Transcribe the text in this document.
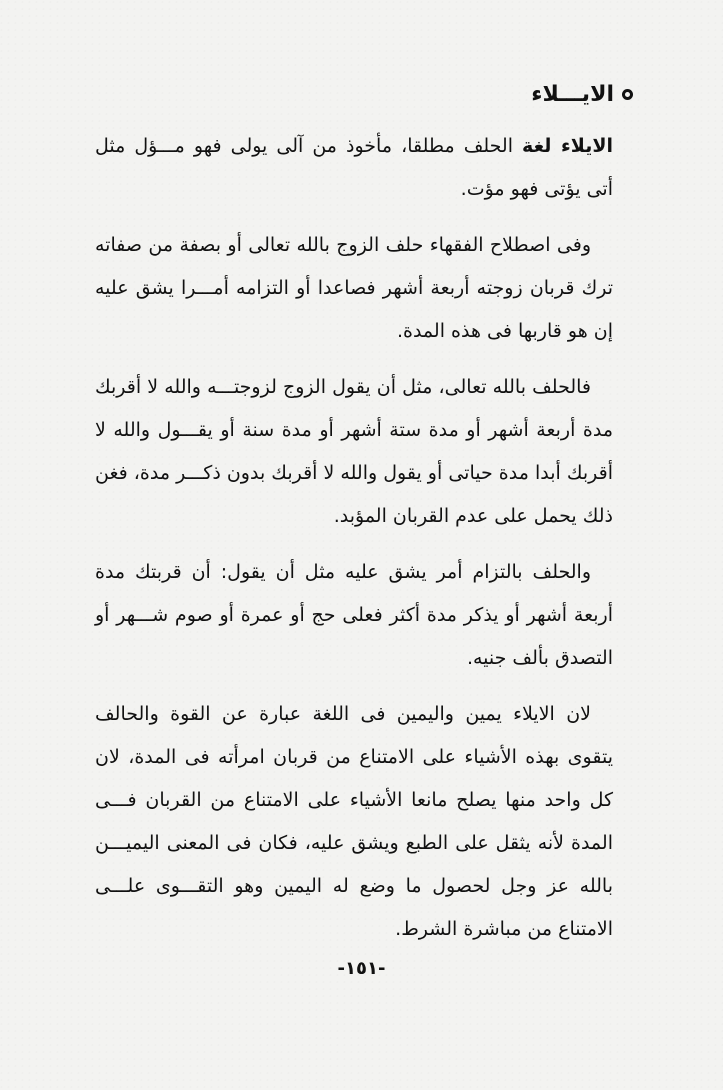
الايـــلاء

الايلاء لغة الحلف مطلقا، مأخوذ من آلى يولى فهو مـــؤل مثل أتى يؤتى فهو مؤت.

وفى اصطلاح الفقهاء حلف الزوج بالله تعالى أو بصفة من صفاته ترك قربان زوجته أربعة أشهر فصاعدا أو التزامه أمـــرا يشق عليه إن هو قاربها فى هذه المدة.

فالحلف بالله تعالى، مثل أن يقول الزوج لزوجتـــه والله لا أقربك مدة أربعة أشهر أو مدة ستة أشهر أو مدة سنة أو يقـــول والله لا أقربك أبدا مدة حياتى أو يقول والله لا أقربك بدون ذكـــر مدة، فغن ذلك يحمل على عدم القربان المؤبد.

والحلف بالتزام أمر يشق عليه مثل أن يقول: أن قربتك مدة أربعة أشهر أو يذكر مدة أكثر فعلى حج أو عمرة أو صوم شـــهر أو التصدق بألف جنيه.

لان الايلاء يمين واليمين فى اللغة عبارة عن القوة والحالف يتقوى بهذه الأشياء على الامتناع من قربان امرأته فى المدة، لان كل واحد منها يصلح مانعا الأشياء على الامتناع من القربان فـــى المدة لأنه يثقل على الطبع ويشق عليه، فكان فى المعنى اليميـــن بالله عز وجل لحصول ما وضع له اليمين وهو التقـــوى علـــى الامتناع من مباشرة الشرط.

-١٥١-
